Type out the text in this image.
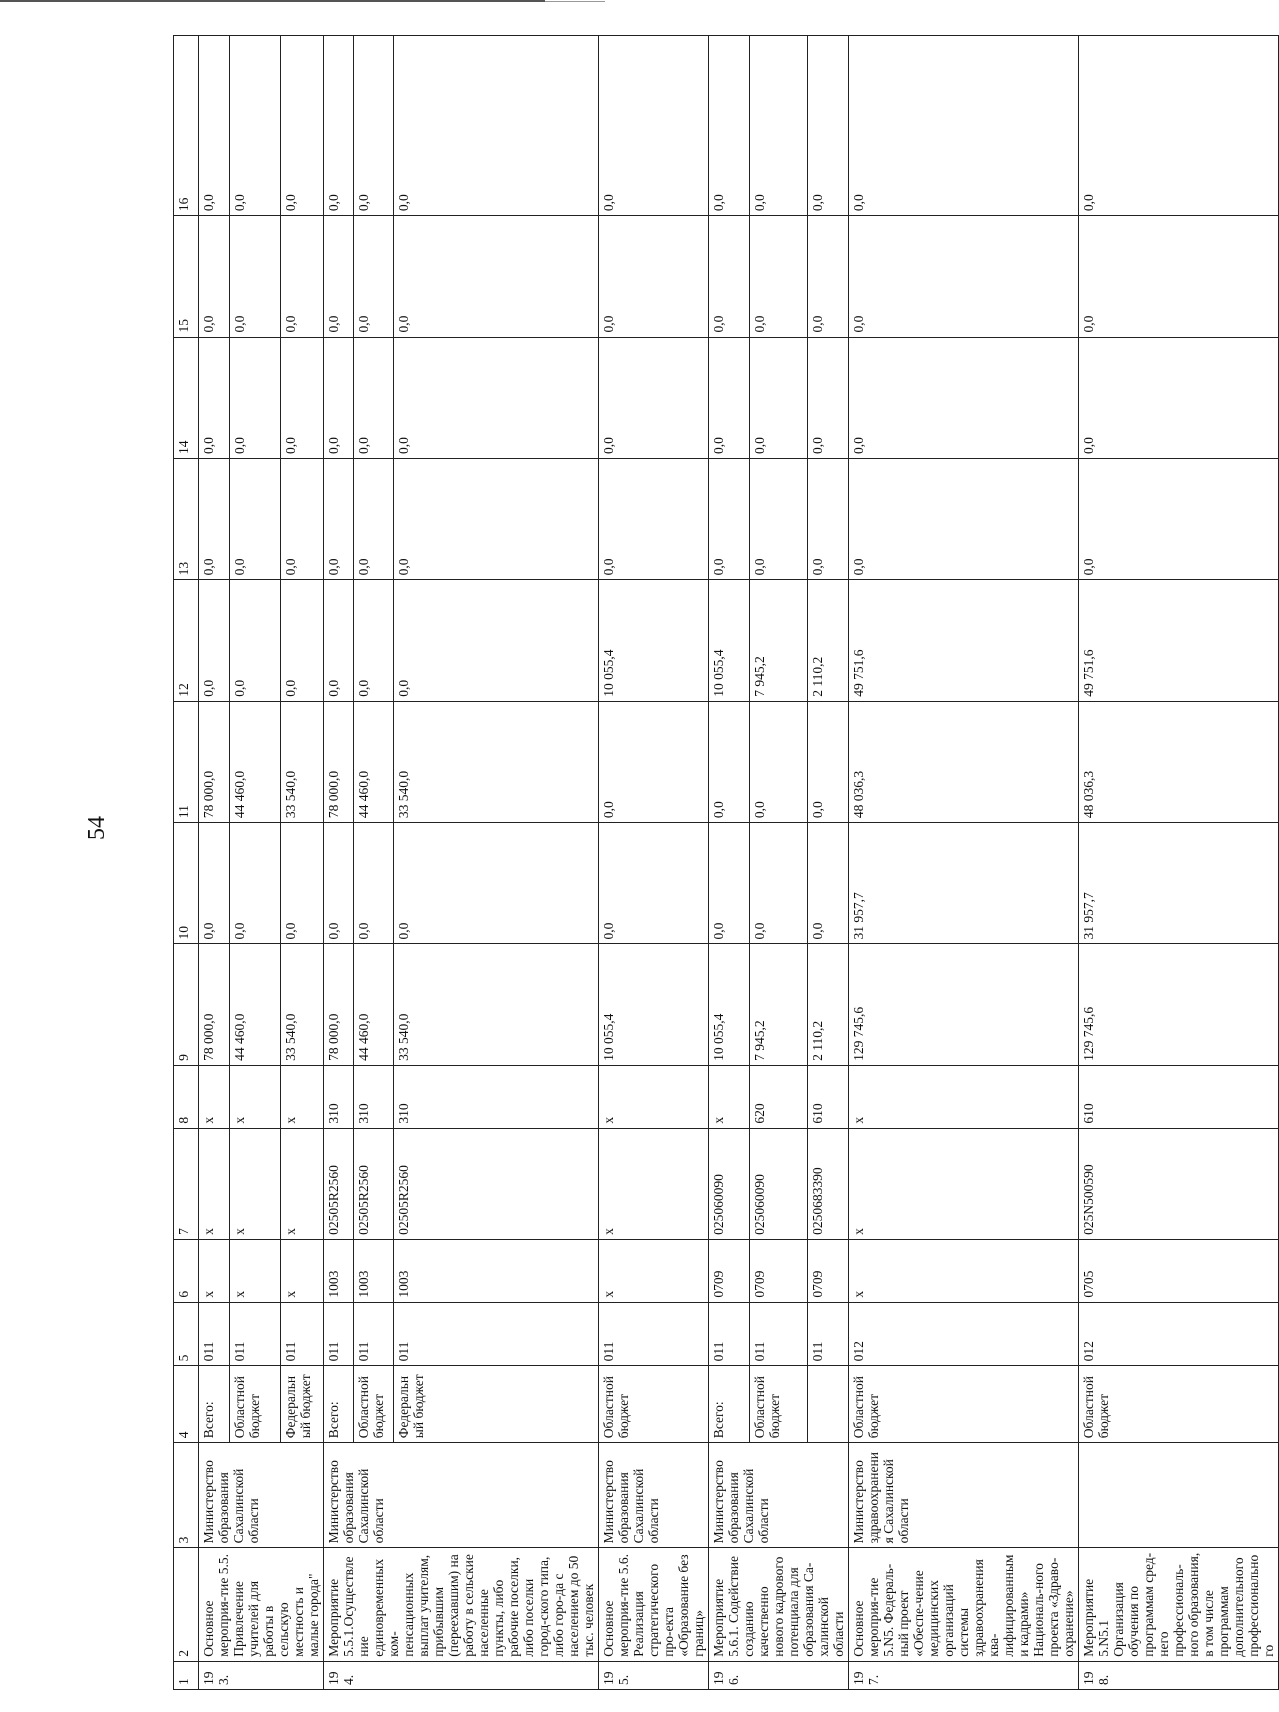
54
1	2	3	4	5	6	7	8	9	10	11	12	13	14	15	16
193.	Основное мероприя-тие 5.5. Привлечение учителей для работы в сельскую местность и малые города"	Министерство образования Сахалинской области	Всего:	011	x	x	x	78 000,0	0,0	78 000,0	0,0	0,0	0,0	0,0	0,0
			Областной бюджет	011	x	x	x	44 460,0	0,0	44 460,0	0,0	0,0	0,0	0,0	0,0
			Федеральный бюджет	011	x	x	x	33 540,0	0,0	33 540,0	0,0	0,0	0,0	0,0	0,0
194.	Мероприятие 5.5.1.Осуществление единовременных ком-пенсационных выплат учителям, прибывшим (переехавшим) на работу в сельские населенные пункты, либо рабочие поселки, либо поселки город-ского типа, либо горо-да с населением до 50 тыс. человек	Министерство образования Сахалинской области	Всего:	011	1003	02505R2560	310	78 000,0	0,0	78 000,0	0,0	0,0	0,0	0,0	0,0
			Областной бюджет	011	1003	02505R2560	310	44 460,0	0,0	44 460,0	0,0	0,0	0,0	0,0	0,0
			Федеральный бюджет	011	1003	02505R2560	310	33 540,0	0,0	33 540,0	0,0	0,0	0,0	0,0	0,0
195.	Основное мероприя-тие 5.6. Реализация стратегического про-екта «Образование без границ»	Министерство образования Сахалинской области	Областной бюджет	011	x	x	x	10 055,4	0,0	0,0	10 055,4	0,0	0,0	0,0	0,0
196.	Мероприятие 5.6.1. Содействие созданию качественно нового кадрового потенциала для образования Са-халинской области	Министерство образования Сахалинской области	Всего:	011	0709	025060090	x	10 055,4	0,0	0,0	10 055,4	0,0	0,0	0,0	0,0
			Областной бюджет	011	0709	025060090	620	7 945,2	0,0	0,0	7 945,2	0,0	0,0	0,0	0,0
				011	0709	0250683390	610	2 110,2	0,0	0,0	2 110,2	0,0	0,0	0,0	0,0
197.	Основное мероприя-тие 5.N5. Федераль-ный проект «Обеспе-чение медицинских организаций системы здравоохранения ква-лифицированными кадрами» Националь-ного проекта «Здраво-охранение»	Министерство здравоохранения Сахалинской области	Областной бюджет	012	x	x	x	129 745,6	31 957,7	48 036,3	49 751,6	0,0	0,0	0,0	0,0
198.	Мероприятие 5.N5.1 Организация обучения по программам сред-него профессиональ-ного образования, в том числе программам дополнительного профессионального		Областной бюджет	012	0705	025N500590	610	129 745,6	31 957,7	48 036,3	49 751,6	0,0	0,0	0,0	0,0
